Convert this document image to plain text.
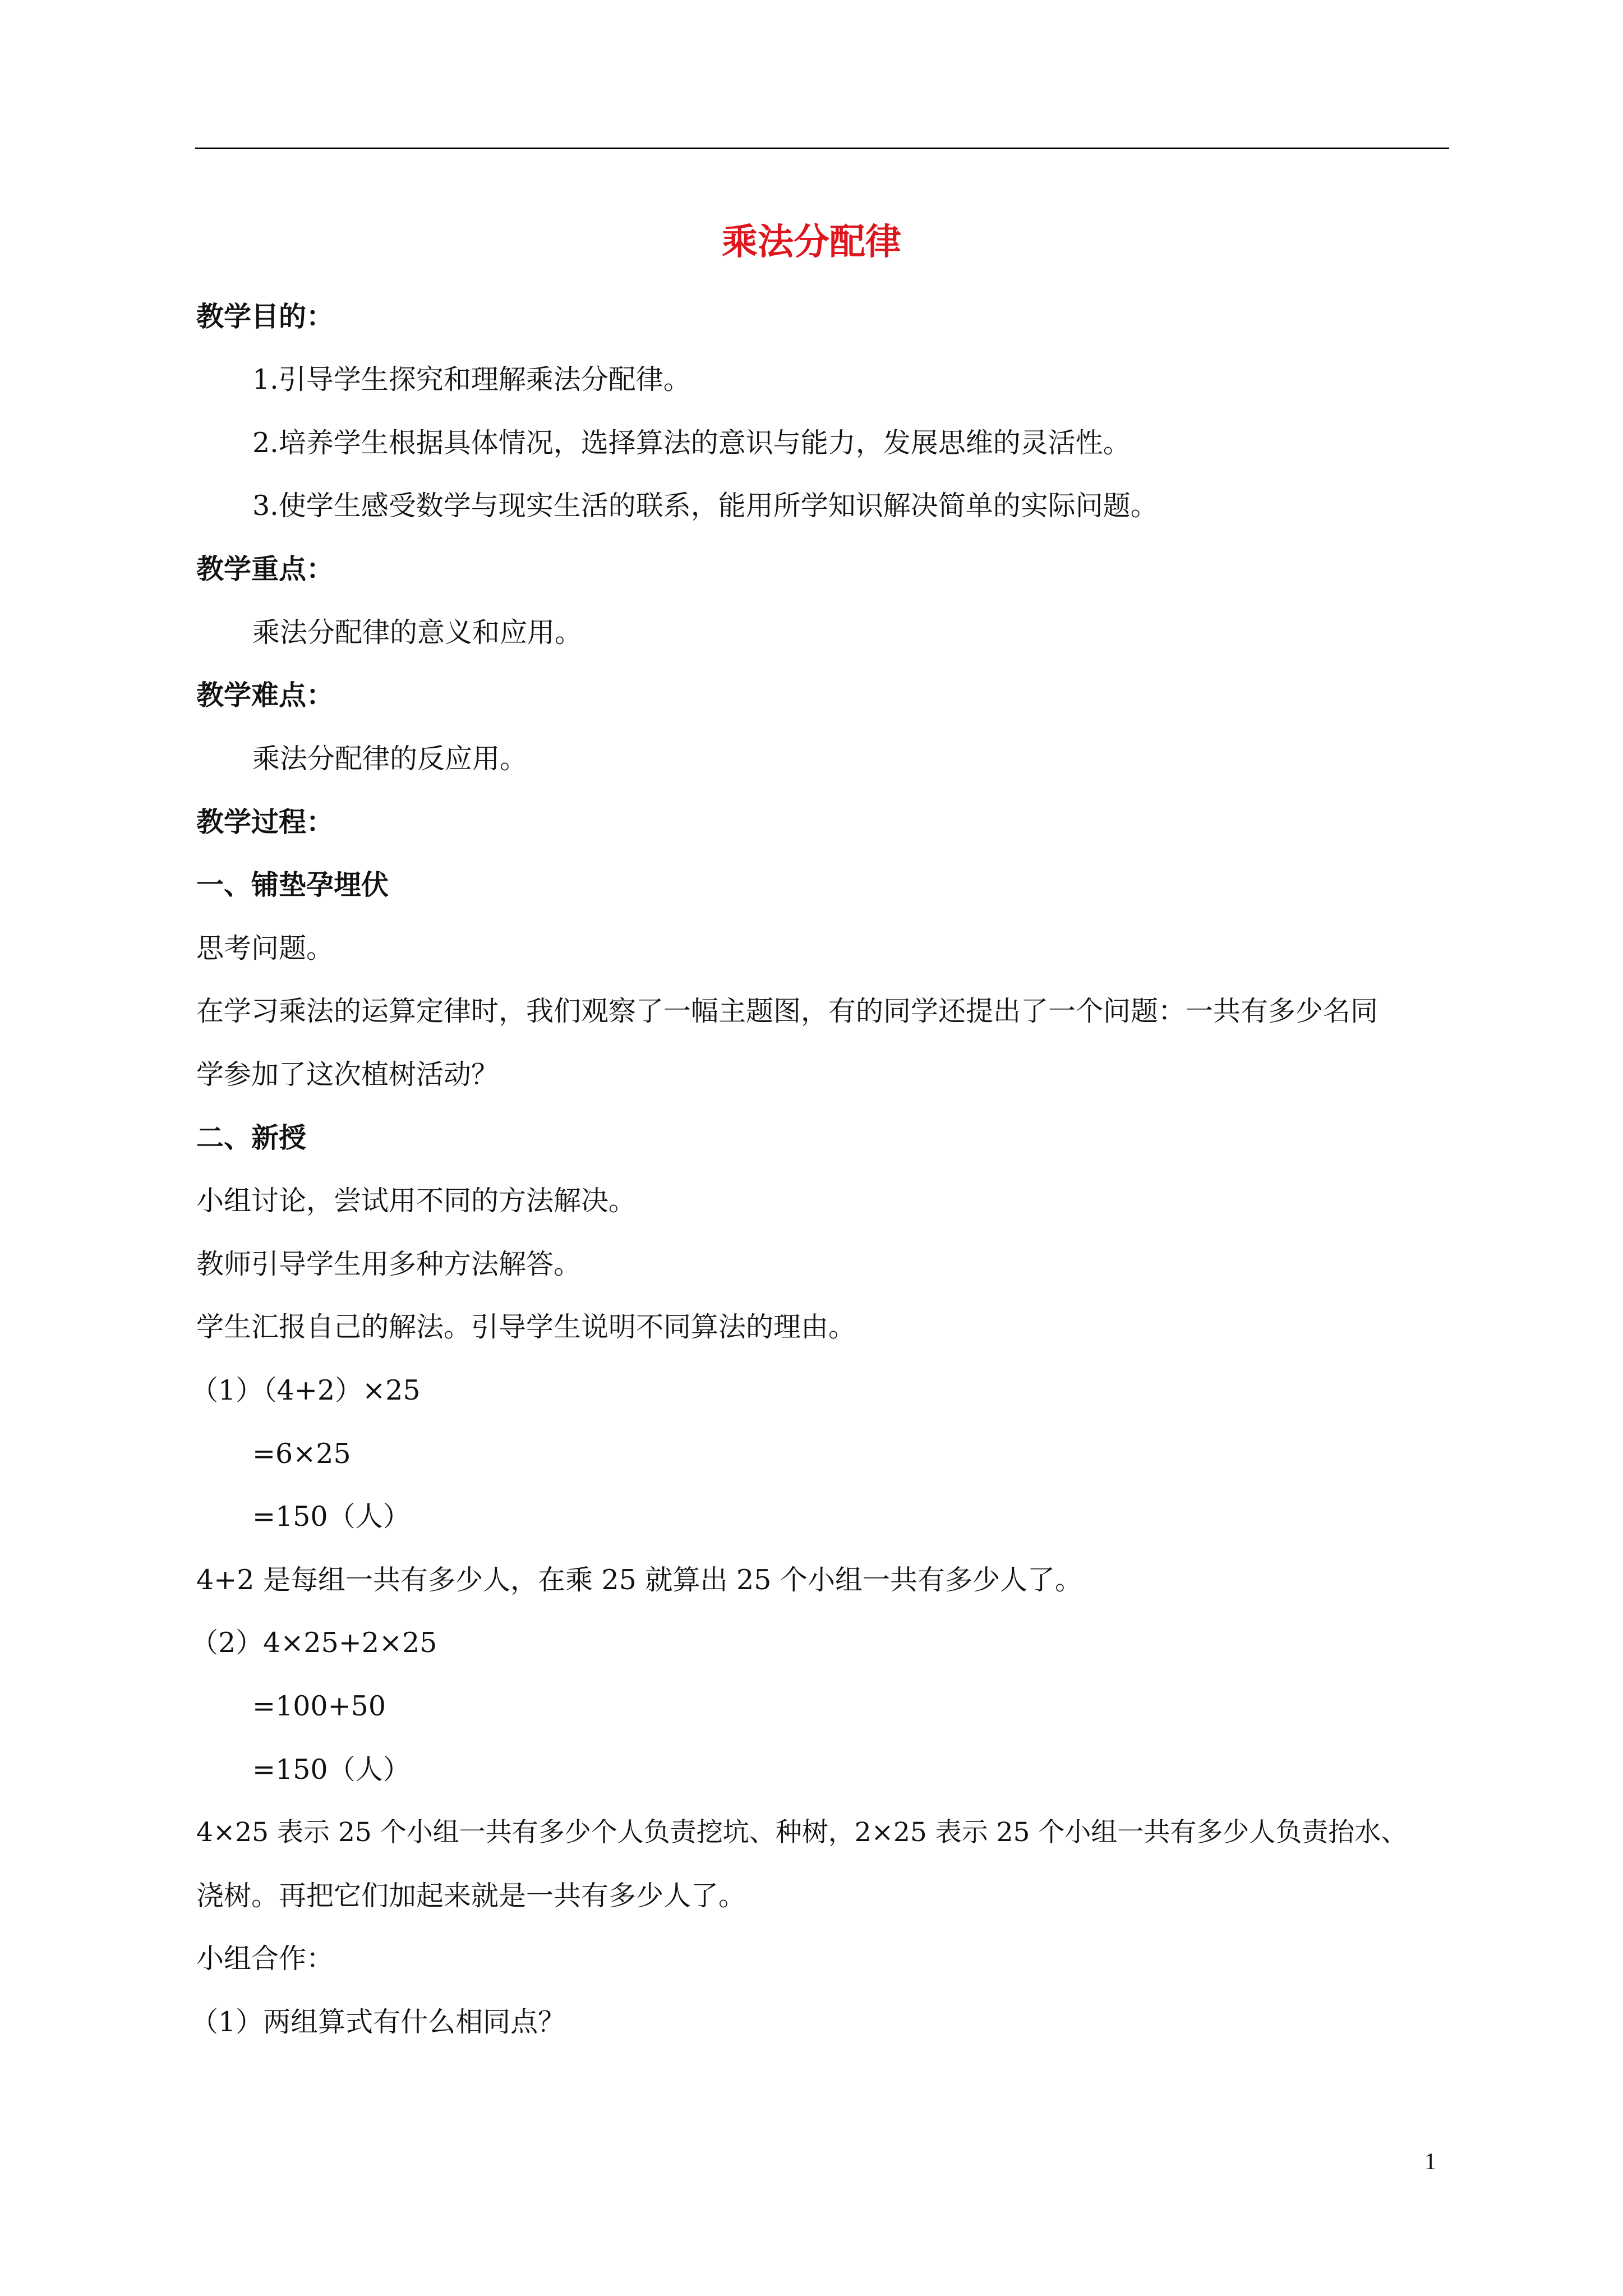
乘法分配律
教学目的：
1.引导学生探究和理解乘法分配律。
2.培养学生根据具体情况，选择算法的意识与能力，发展思维的灵活性。
3.使学生感受数学与现实生活的联系，能用所学知识解决简单的实际问题。
教学重点：
乘法分配律的意义和应用。
教学难点：
乘法分配律的反应用。
教学过程：
一、铺垫孕埋伏
思考问题。
在学习乘法的运算定律时，我们观察了一幅主题图，有的同学还提出了一个问题：一共有多少名同
学参加了这次植树活动？
二、新授
小组讨论，尝试用不同的方法解决。
教师引导学生用多种方法解答。
学生汇报自己的解法。引导学生说明不同算法的理由。
（1）（4+2）×25
=6×25
=150（人）
4+2 是每组一共有多少人，在乘 25 就算出 25 个小组一共有多少人了。
（2）4×25+2×25
=100+50
=150（人）
4×25 表示 25 个小组一共有多少个人负责挖坑、种树，2×25 表示 25 个小组一共有多少人负责抬水、
浇树。再把它们加起来就是一共有多少人了。
小组合作：
（1）两组算式有什么相同点？
1
